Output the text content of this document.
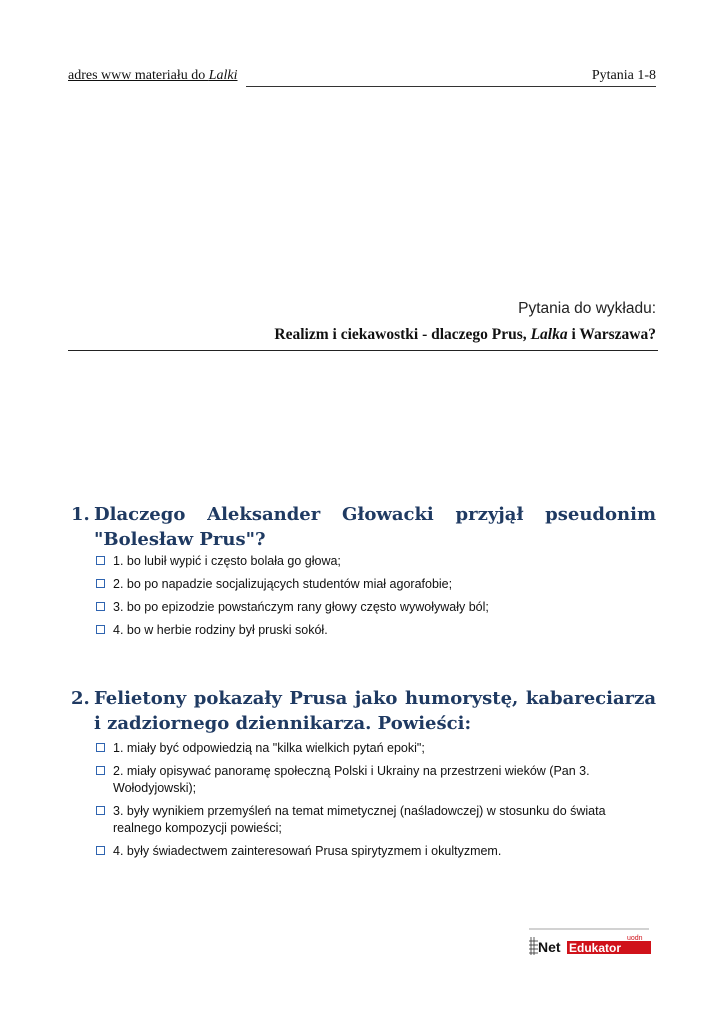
adres www materiału do Lalki	Pytania 1-8
Pytania do wykładu:
Realizm i ciekawostki - dlaczego Prus, Lalka i Warszawa?
1. Dlaczego Aleksander Głowacki przyjął pseudonim "Bolesław Prus"?
1. bo lubił wypić i często bolała go głowa;
2. bo po napadzie socjalizujących studentów miał agorafobie;
3. bo po epizodzie powstańczym rany głowy często wywoływały ból;
4. bo w herbie rodziny był pruski sokół.
2. Felietony pokazały Prusa jako humorystę, kabareciarza i zadziornego dziennikarza. Powieści:
1. miały być odpowiedzią na "kilka wielkich pytań epoki";
2. miały opisywać panoramę społeczną Polski i Ukrainy na przestrzeni wieków (Pan 3. Wołodyjowski);
3. były wynikiem przemyśleń na temat mimetycznej (naśladowczej) w stosunku do świata realnego kompozycji powieści;
4. były świadectwem zainteresowań Prusa spirytyzmem i okultyzmem.
Net Edukator
uodn
